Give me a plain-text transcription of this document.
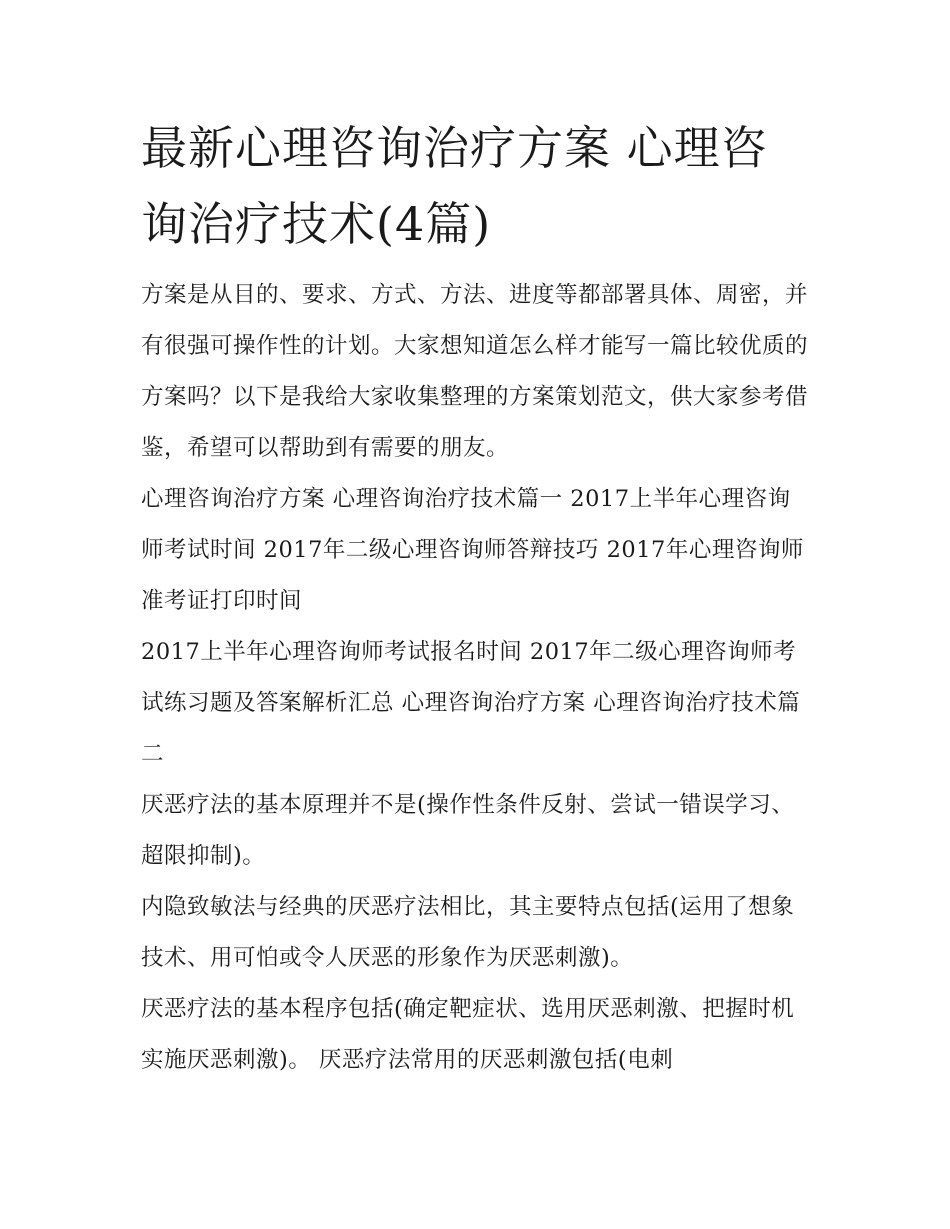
最新心理咨询治疗方案 心理咨询治疗技术(4篇)

方案是从目的、要求、方式、方法、进度等都部署具体、周密，并有很强可操作性的计划。大家想知道怎么样才能写一篇比较优质的方案吗？以下是我给大家收集整理的方案策划范文，供大家参考借鉴，希望可以帮助到有需要的朋友。

心理咨询治疗方案 心理咨询治疗技术篇一 2017上半年心理咨询师考试时间 2017年二级心理咨询师答辩技巧 2017年心理咨询师准考证打印时间

2017上半年心理咨询师考试报名时间 2017年二级心理咨询师考试练习题及答案解析汇总 心理咨询治疗方案 心理咨询治疗技术篇二

厌恶疗法的基本原理并不是(操作性条件反射、尝试一错误学习、超限抑制)。

内隐致敏法与经典的厌恶疗法相比，其主要特点包括(运用了想象技术、用可怕或令人厌恶的形象作为厌恶刺激)。

厌恶疗法的基本程序包括(确定靶症状、选用厌恶刺激、把握时机实施厌恶刺激)。 厌恶疗法常用的厌恶刺激包括(电刺
